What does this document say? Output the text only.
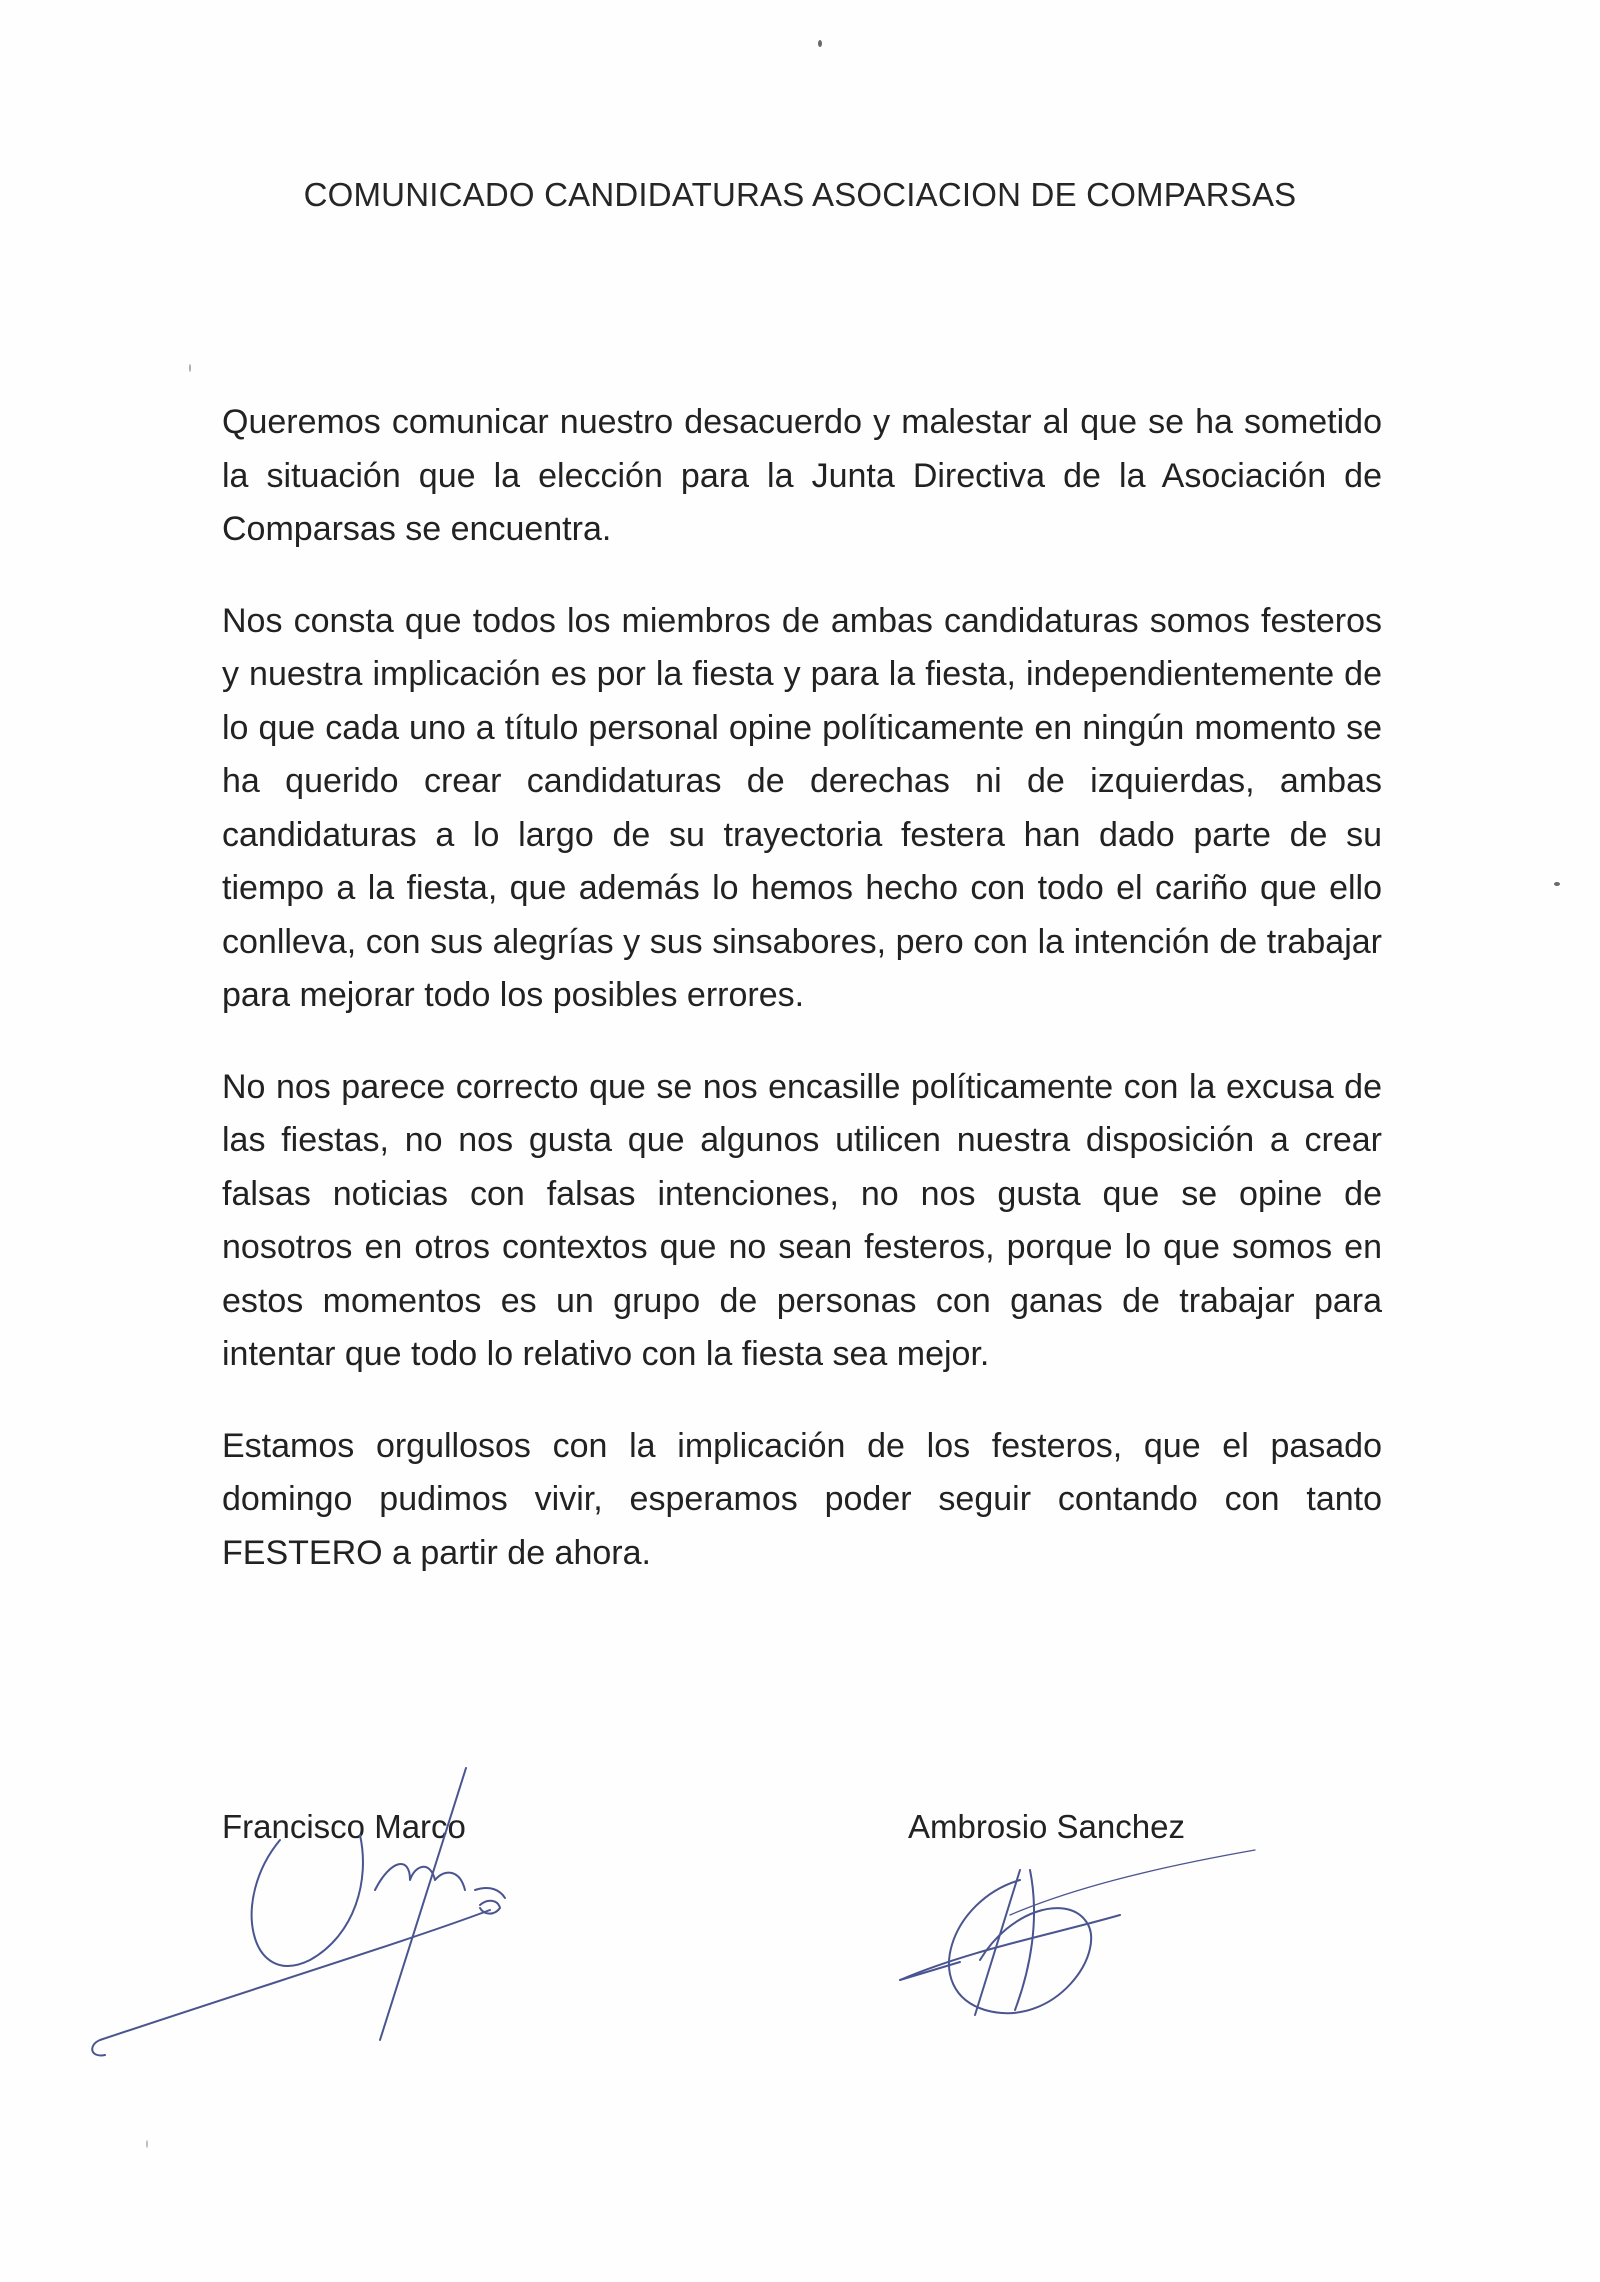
COMUNICADO CANDIDATURAS ASOCIACION DE COMPARSAS

Queremos comunicar nuestro desacuerdo y malestar al que se ha sometido la situación que la elección para la Junta Directiva de la Asociación de Comparsas se encuentra.

Nos consta que todos los miembros de ambas candidaturas somos festeros y nuestra implicación es por la fiesta y para la fiesta, independientemente de lo que cada uno a título personal opine políticamente en ningún momento se ha querido crear candidaturas de derechas ni de izquierdas, ambas candidaturas a lo largo de su trayectoria festera han dado parte de su tiempo a la fiesta, que además lo hemos hecho con todo el cariño que ello conlleva, con sus alegrías y sus sinsabores, pero con la intención de trabajar para mejorar todo los posibles errores.

No nos parece correcto que se nos encasille políticamente con la excusa de las fiestas, no nos gusta que algunos utilicen nuestra disposición a crear falsas noticias con falsas intenciones, no nos gusta que se opine de nosotros en otros contextos que no sean festeros, porque lo que somos en estos momentos es un grupo de personas con ganas de trabajar para intentar que todo lo relativo con la fiesta sea mejor.

Estamos orgullosos con la implicación de los festeros, que el pasado domingo pudimos vivir, esperamos poder seguir contando con tanto FESTERO a partir de ahora.

Francisco Marco	Ambrosio Sanchez
